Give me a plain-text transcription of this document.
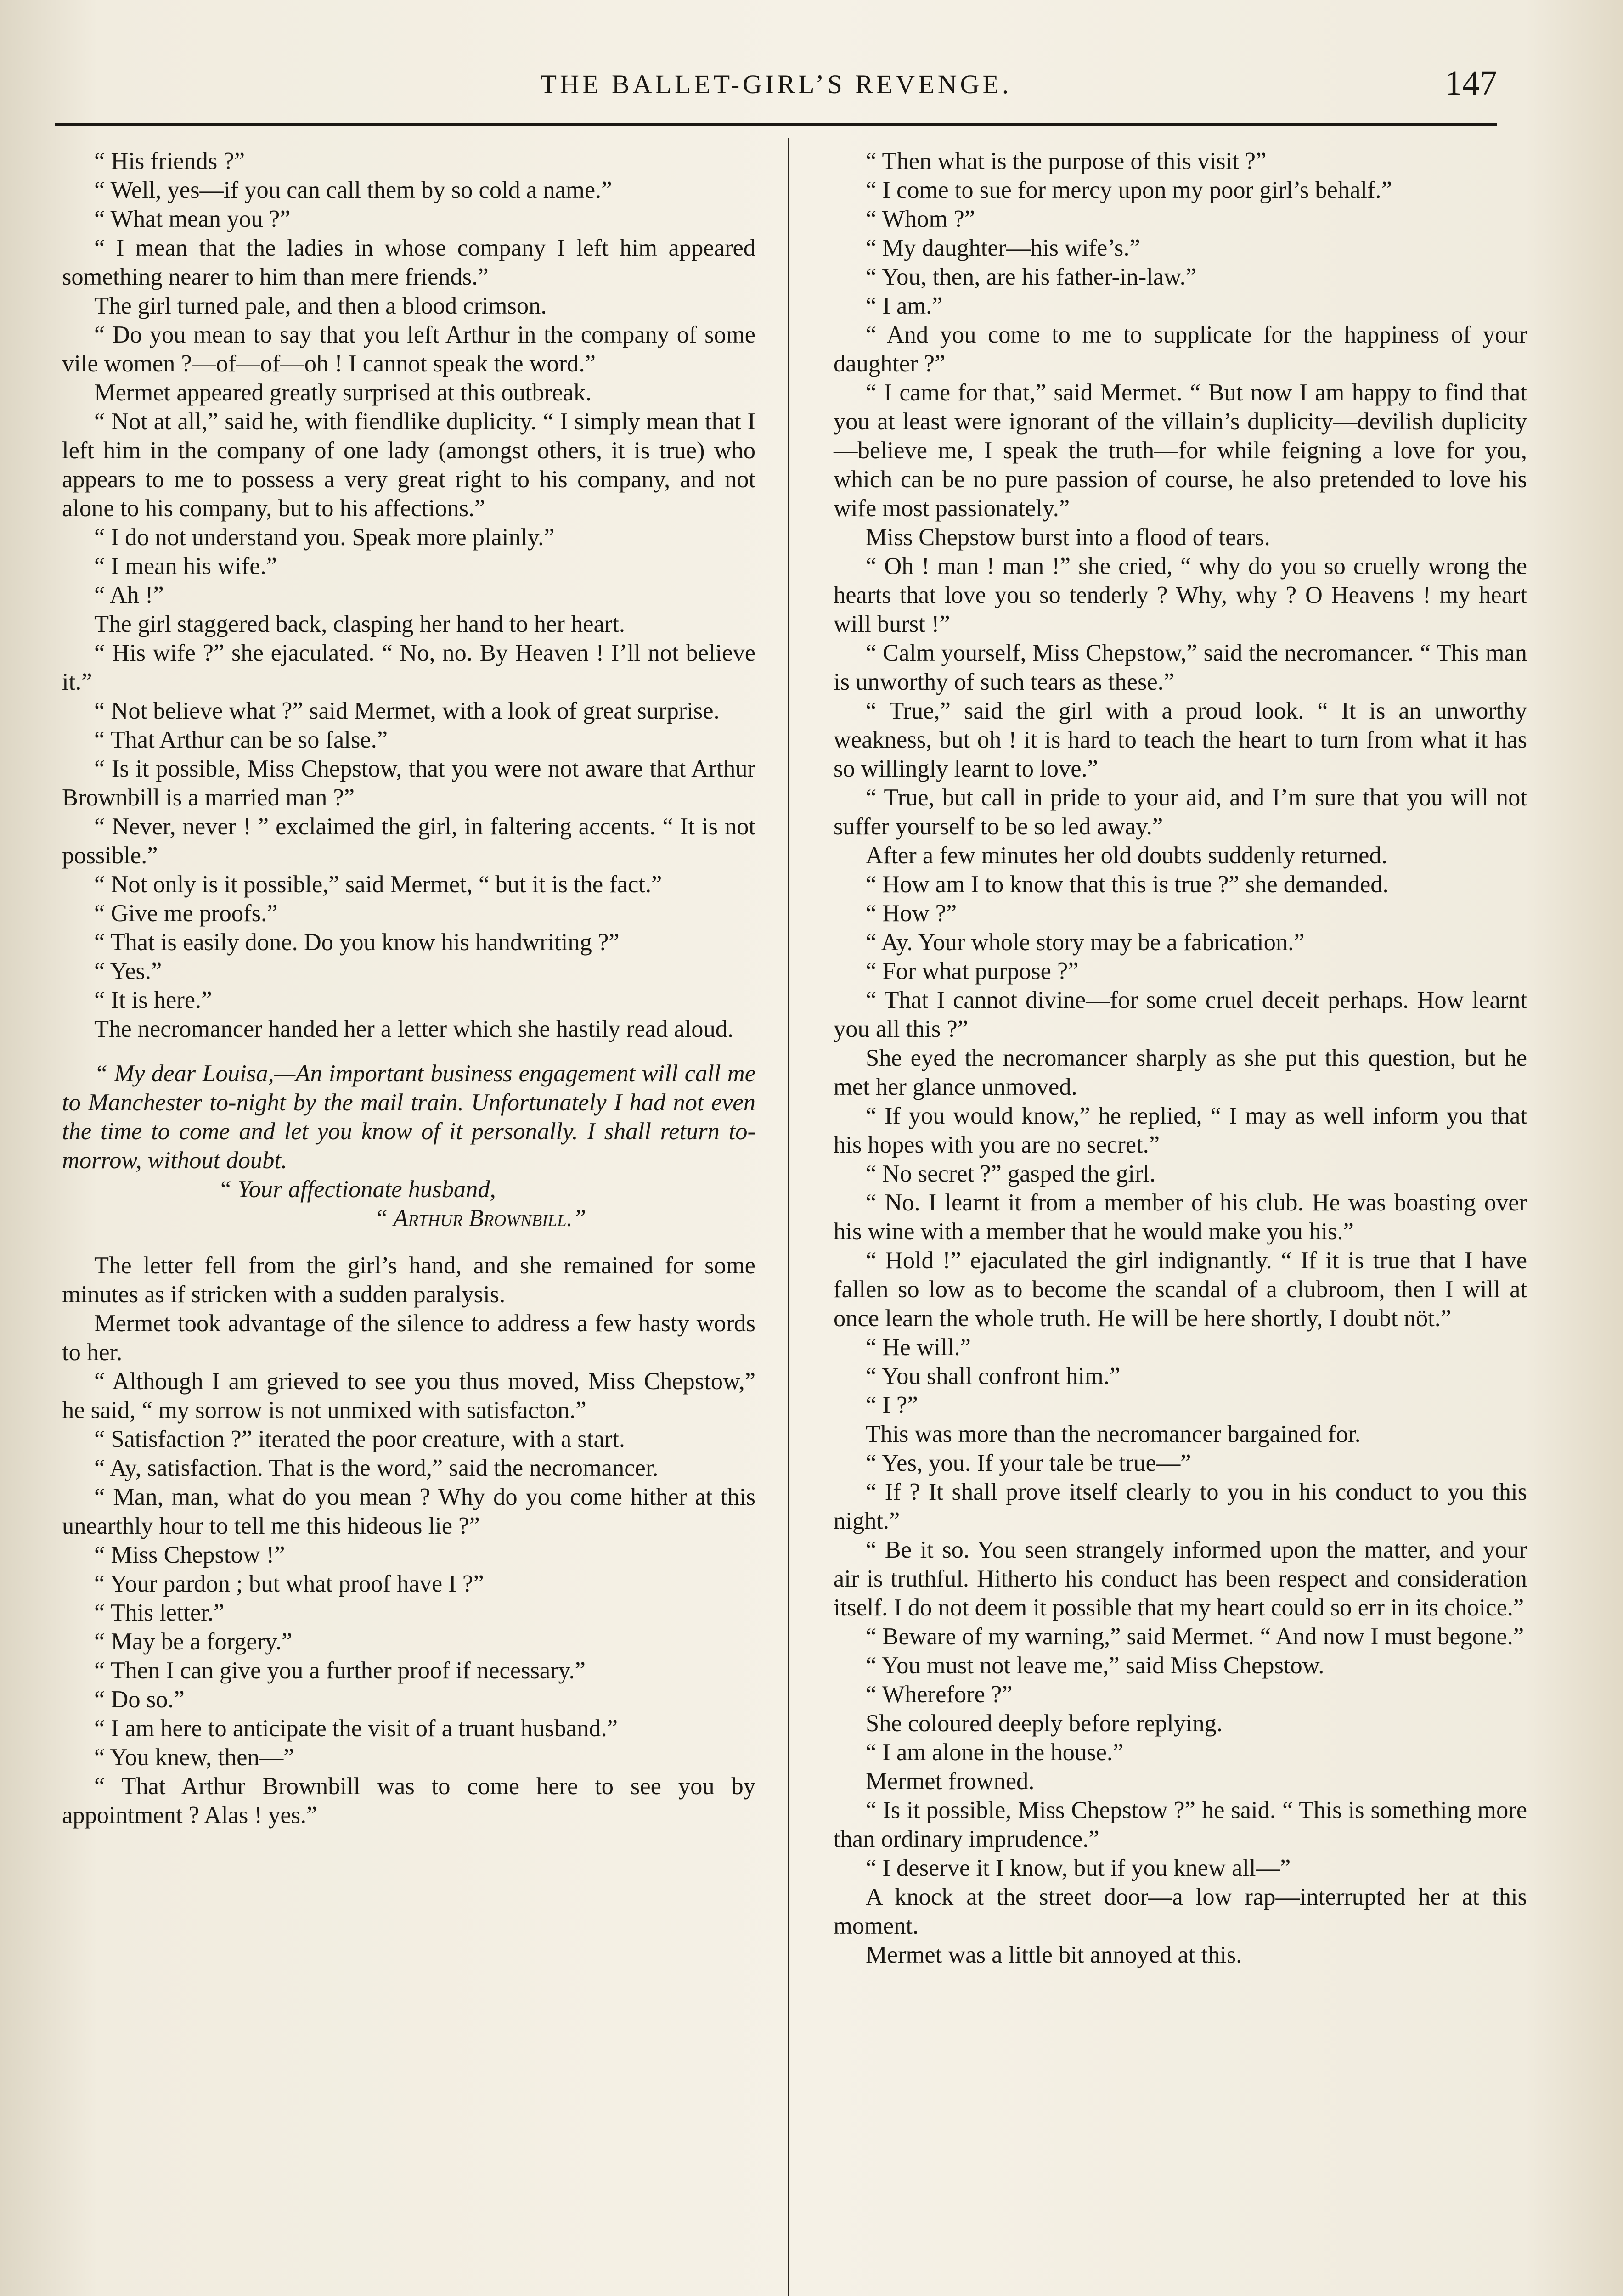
THE BALLET-GIRL’S REVENGE.	147

“ His friends ?”

“ Well, yes—if you can call them by so cold a name.”

“ What mean you ?”

“ I mean that the ladies in whose company I left him appeared something nearer to him than mere friends.”

The girl turned pale, and then a blood crimson.

“ Do you mean to say that you left Arthur in the company of some vile women ?—of—of—oh ! I cannot speak the word.”

Mermet appeared greatly surprised at this outbreak.

“ Not at all,” said he, with fiendlike duplicity. “ I simply mean that I left him in the company of one lady (amongst others, it is true) who appears to me to possess a very great right to his company, and not alone to his company, but to his affections.”

“ I do not understand you. Speak more plainly.”

“ I mean his wife.”

“ Ah !”

The girl staggered back, clasping her hand to her heart.

“ His wife ?” she ejaculated. “ No, no. By Heaven ! I’ll not believe it.”

“ Not believe what ?” said Mermet, with a look of great surprise.

“ That Arthur can be so false.”

“ Is it possible, Miss Chepstow, that you were not aware that Arthur Brownbill is a married man ?”

“ Never, never ! ” exclaimed the girl, in faltering accents. “ It is not possible.”

“ Not only is it possible,” said Mermet, “ but it is the fact.”

“ Give me proofs.”

“ That is easily done. Do you know his handwriting ?”

“ Yes.”

“ It is here.”

The necromancer handed her a letter which she hastily read aloud.

“ My dear Louisa,—An important business engagement will call me to Manchester to-night by the mail train. Unfortunately I had not even the time to come and let you know of it personally. I shall return to-morrow, without doubt.

“ Your affectionate husband,

“ Arthur Brownbill.”

The letter fell from the girl’s hand, and she remained for some minutes as if stricken with a sudden paralysis.

Mermet took advantage of the silence to address a few hasty words to her.

“ Although I am grieved to see you thus moved, Miss Chepstow,” he said, “ my sorrow is not unmixed with satisfacton.”

“ Satisfaction ?” iterated the poor creature, with a start.

“ Ay, satisfaction. That is the word,” said the necromancer.

“ Man, man, what do you mean ? Why do you come hither at this unearthly hour to tell me this hideous lie ?”

“ Miss Chepstow !”

“ Your pardon ; but what proof have I ?”

“ This letter.”

“ May be a forgery.”

“ Then I can give you a further proof if necessary.”

“ Do so.”

“ I am here to anticipate the visit of a truant husband.”

“ You knew, then—”

“ That Arthur Brownbill was to come here to see you by appointment ? Alas ! yes.”

“ Then what is the purpose of this visit ?”

“ I come to sue for mercy upon my poor girl’s behalf.”

“ Whom ?”

“ My daughter—his wife’s.”

“ You, then, are his father-in-law.”

“ I am.”

“ And you come to me to supplicate for the happiness of your daughter ?”

“ I came for that,” said Mermet. “ But now I am happy to find that you at least were ignorant of the villain’s duplicity—devilish duplicity—believe me, I speak the truth—for while feigning a love for you, which can be no pure passion of course, he also pretended to love his wife most passionately.”

Miss Chepstow burst into a flood of tears.

“ Oh ! man ! man !” she cried, “ why do you so cruelly wrong the hearts that love you so tenderly ? Why, why ? O Heavens ! my heart will burst !”

“ Calm yourself, Miss Chepstow,” said the necromancer. “ This man is unworthy of such tears as these.”

“ True,” said the girl with a proud look. “ It is an unworthy weakness, but oh ! it is hard to teach the heart to turn from what it has so willingly learnt to love.”

“ True, but call in pride to your aid, and I’m sure that you will not suffer yourself to be so led away.”

After a few minutes her old doubts suddenly returned.

“ How am I to know that this is true ?” she demanded.

“ How ?”

“ Ay. Your whole story may be a fabrication.”

“ For what purpose ?”

“ That I cannot divine—for some cruel deceit perhaps. How learnt you all this ?”

She eyed the necromancer sharply as she put this question, but he met her glance unmoved.

“ If you would know,” he replied, “ I may as well inform you that his hopes with you are no secret.”

“ No secret ?” gasped the girl.

“ No. I learnt it from a member of his club. He was boasting over his wine with a member that he would make you his.”

“ Hold !” ejaculated the girl indignantly. “ If it is true that I have fallen so low as to become the scandal of a clubroom, then I will at once learn the whole truth. He will be here shortly, I doubt nöt.”

“ He will.”

“ You shall confront him.”

“ I ?”

This was more than the necromancer bargained for.

“ Yes, you. If your tale be true—”

“ If ? It shall prove itself clearly to you in his conduct to you this night.”

“ Be it so. You seen strangely informed upon the matter, and your air is truthful. Hitherto his conduct has been respect and consideration itself. I do not deem it possible that my heart could so err in its choice.”

“ Beware of my warning,” said Mermet. “ And now I must begone.”

“ You must not leave me,” said Miss Chepstow.

“ Wherefore ?”

She coloured deeply before replying.

“ I am alone in the house.”

Mermet frowned.

“ Is it possible, Miss Chepstow ?” he said. “ This is something more than ordinary imprudence.”

“ I deserve it I know, but if you knew all—”

A knock at the street door—a low rap—interrupted her at this moment.

Mermet was a little bit annoyed at this.
